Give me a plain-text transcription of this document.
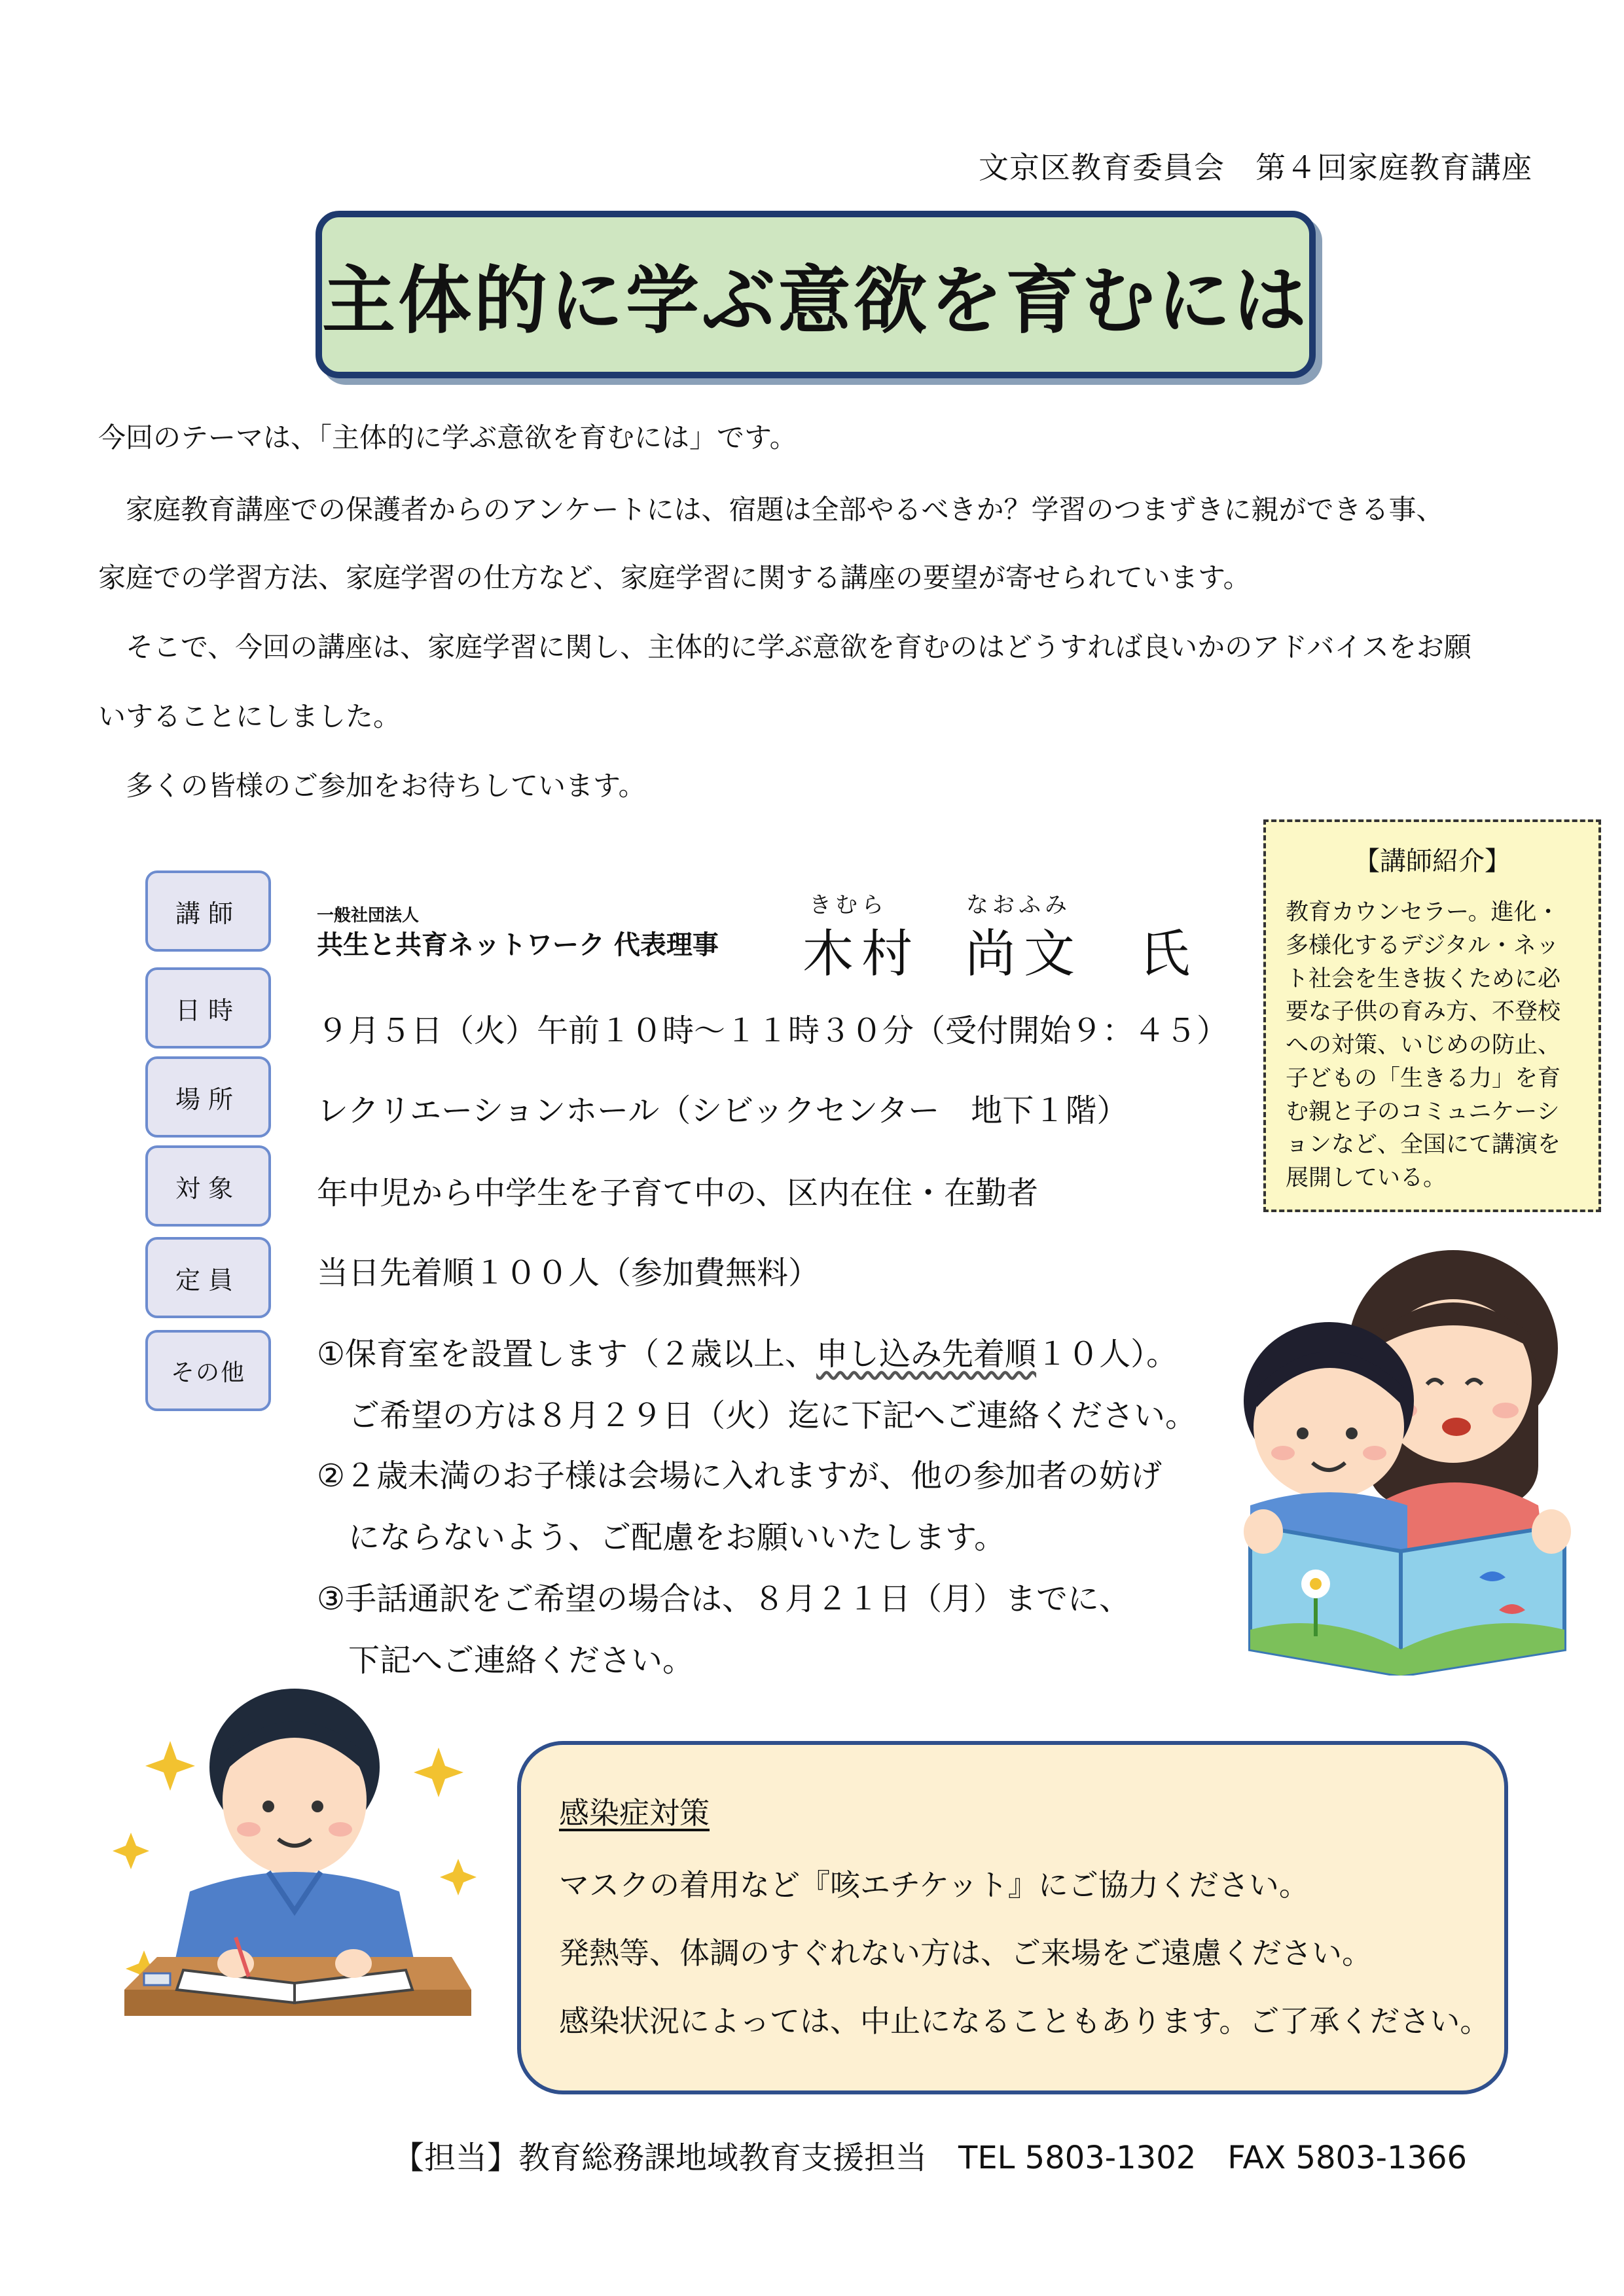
文京区教育委員会　第４回家庭教育講座
主体的に学ぶ意欲を育むには

今回のテーマは、「主体的に学ぶ意欲を育むには」です。

　家庭教育講座での保護者からのアンケートには、宿題は全部やるべきか？学習のつまずきに親ができる事、

家庭での学習方法、家庭学習の仕方など、家庭学習に関する講座の要望が寄せられています。

　そこで、今回の講座は、家庭学習に関し、主体的に学ぶ意欲を育むのはどうすれば良いかのアドバイスをお願

いすることにしました。

　多くの皆様のご参加をお待ちしています。

【講師紹介】
教育カウンセラー。進化・多様化するデジタル・ネット社会を生き抜くために必要な子供の育み方、不登校への対策、いじめの防止、子どもの「生きる力」を育む親と子のコミュニケーションなど、全国にて講演を展開している。
講師
日時
場所
対象
定員
その他
一般社団法人
共生と共育ネットワーク 代表理事
きむら	なおふみ
木村 尚文 氏
９月５日（火）午前１０時～１１時３０分（受付開始９：４５）
レクリエーションホール（シビックセンター　地下１階）
年中児から中学生を子育て中の、区内在住・在勤者
当日先着順１００人（参加費無料）

①保育室を設置します（２歳以上、申し込み先着順１０人）。

ご希望の方は８月２９日（火）迄に下記へご連絡ください。

②２歳未満のお子様は会場に入れますが、他の参加者の妨げ

にならないよう、ご配慮をお願いいたします。

③手話通訳をご希望の場合は、８月２１日（月）までに、

下記へご連絡ください。

感染症対策
マスクの着用など『咳エチケット』にご協力ください。
発熱等、体調のすぐれない方は、ご来場をご遠慮ください。
感染状況によっては、中止になることもあります。ご了承ください。
【担当】教育総務課地域教育支援担当　TEL 5803-1302　FAX 5803-1366
